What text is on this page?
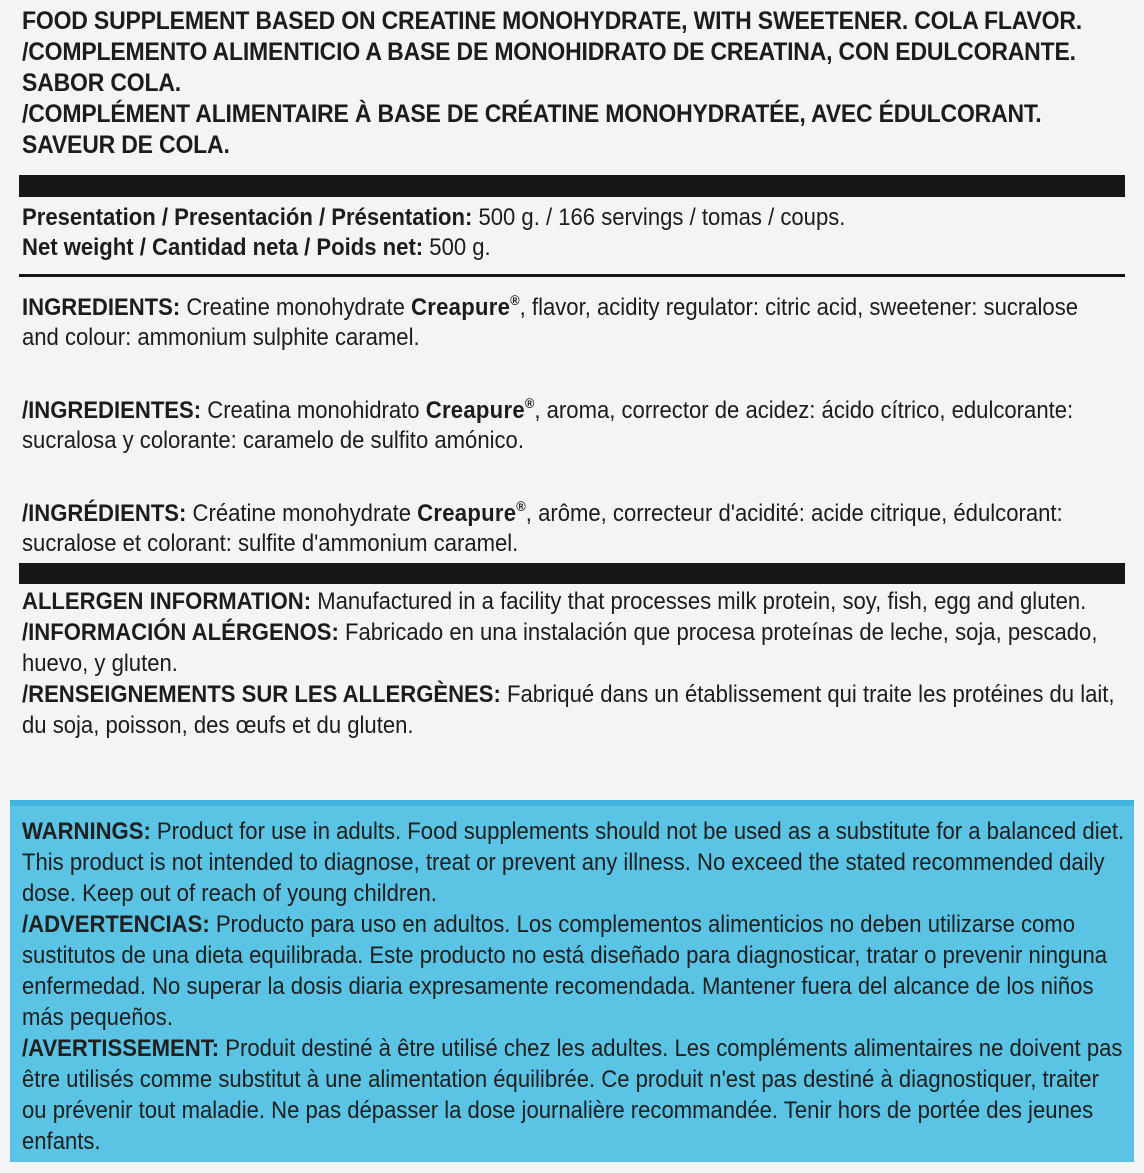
FOOD SUPPLEMENT BASED ON CREATINE MONOHYDRATE, WITH SWEETENER. COLA FLAVOR.
/COMPLEMENTO ALIMENTICIO A BASE DE MONOHIDRATO DE CREATINA, CON EDULCORANTE. SABOR COLA.
/COMPLÉMENT ALIMENTAIRE À BASE DE CRÉATINE MONOHYDRATÉE, AVEC ÉDULCORANT. SAVEUR DE COLA.
Presentation / Presentación / Présentation: 500 g. / 166 servings / tomas / coups.
Net weight / Cantidad neta / Poids net: 500 g.

INGREDIENTS: Creatine monohydrate Creapure®, flavor, acidity regulator: citric acid, sweetener: sucralose and colour: ammonium sulphite caramel.

/INGREDIENTES: Creatina monohidrato Creapure®, aroma, corrector de acidez: ácido cítrico, edulcorante: sucralosa y colorante: caramelo de sulfito amónico.

/INGRÉDIENTS: Créatine monohydrate Creapure®, arôme, correcteur d'acidité: acide citrique, édulcorant: sucralose et colorant: sulfite d'ammonium caramel.

ALLERGEN INFORMATION: Manufactured in a facility that processes milk protein, soy, fish, egg and gluten. /INFORMACIÓN ALÉRGENOS: Fabricado en una instalación que procesa proteínas de leche, soja, pescado, huevo, y gluten.
/RENSEIGNEMENTS SUR LES ALLERGÈNES: Fabriqué dans un établissement qui traite les protéines du lait, du soja, poisson, des œufs et du gluten.

WARNINGS: Product for use in adults. Food supplements should not be used as a substitute for a balanced diet. This product is not intended to diagnose, treat or prevent any illness. No exceed the stated recommended daily dose. Keep out of reach of young children.
/ADVERTENCIAS: Producto para uso en adultos. Los complementos alimenticios no deben utilizarse como sustitutos de una dieta equilibrada. Este producto no está diseñado para diagnosticar, tratar o prevenir ninguna enfermedad. No superar la dosis diaria expresamente recomendada. Mantener fuera del alcance de los niños más pequeños.
/AVERTISSEMENT: Produit destiné à être utilisé chez les adultes. Les compléments alimentaires ne doivent pas être utilisés comme substitut à une alimentation équilibrée. Ce produit n'est pas destiné à diagnostiquer, traiter ou prévenir tout maladie. Ne pas dépasser la dose journalière recommandée. Tenir hors de portée des jeunes enfants.
